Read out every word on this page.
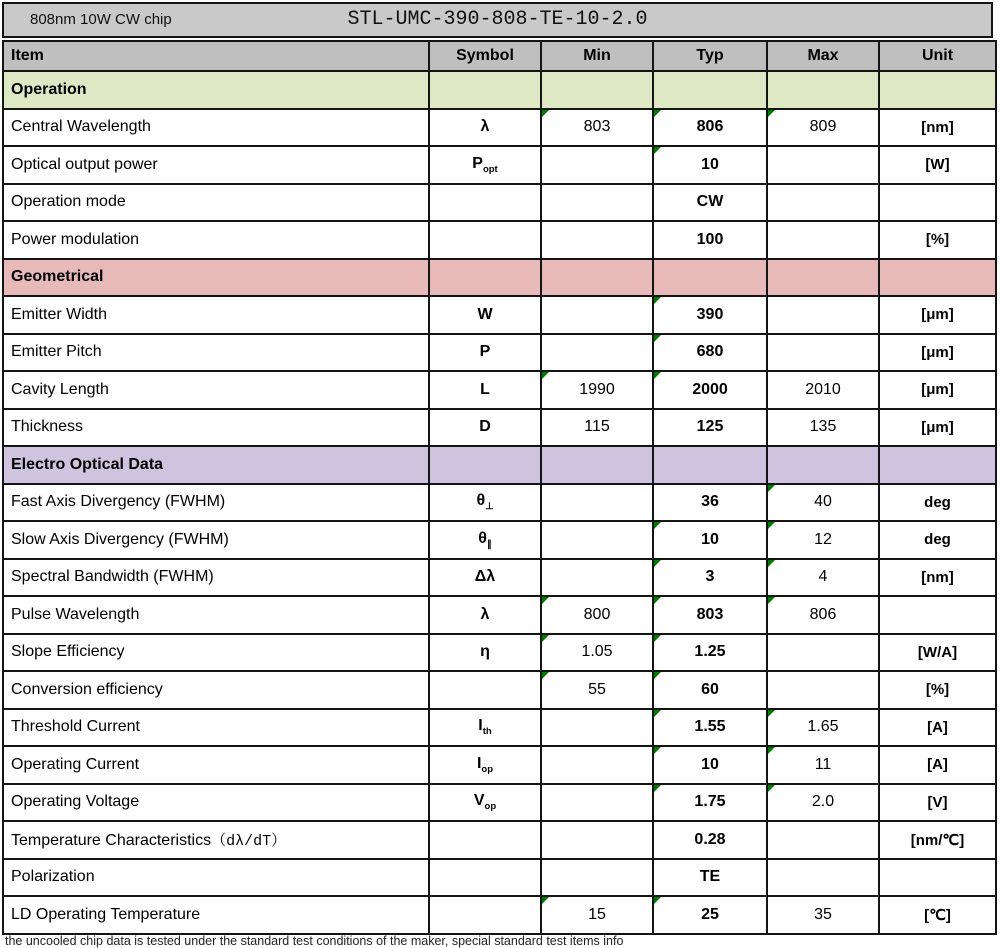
808nm 10W CW chip	STL-UMC-390-808-TE-10-2.0
Item	Symbol	Min	Typ	Max	Unit
Operation					
Central Wavelength	λ	803	806	809	[nm]
Optical output power	$P_{opt}$		10		[W]
Operation mode			CW		
Power modulation			100		[%]
Geometrical					
Emitter Width	W		390		[μm]
Emitter Pitch	P		680		[μm]
Cavity Length	L	1990	2000	2010	[μm]
Thickness	D	115	125	135	[μm]
Electro Optical Data					
Fast Axis Divergency (FWHM)	$\theta_\perp$		36	40	deg
Slow Axis Divergency (FWHM)	$\theta_\parallel$		10	12	deg
Spectral Bandwidth (FWHM)	Δλ		3	4	[nm]
Pulse Wavelength	λ	800	803	806	
Slope Efficiency	η	1.05	1.25		[W/A]
Conversion efficiency		55	60		[%]
Threshold Current	$I_{th}$		1.55	1.65	[A]
Operating Current	$I_{op}$		10	11	[A]
Operating Voltage	$V_{op}$		1.75	2.0	[V]
Temperature Characteristics（dλ/dT）			0.28		[nm/℃]
Polarization			TE		
LD Operating Temperature		15	25	35	[℃]
the uncooled chip data is tested under the standard test conditions of the maker, special standard test items info
